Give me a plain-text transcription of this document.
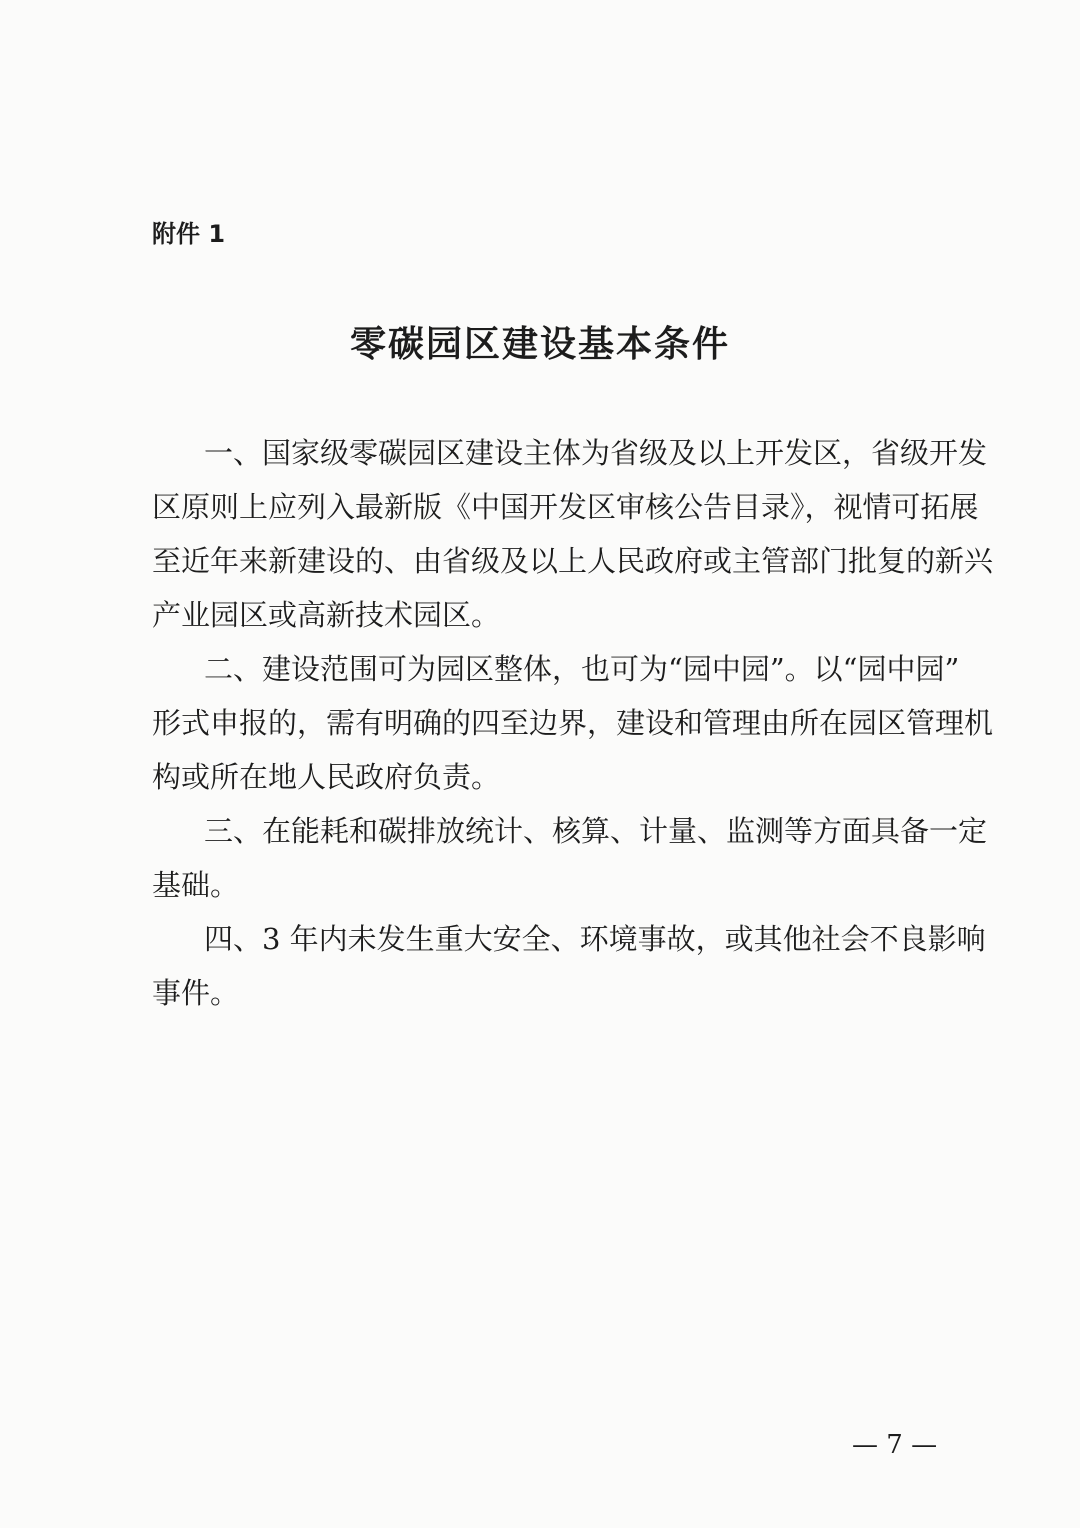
附件 1
零碳园区建设基本条件
一、国家级零碳园区建设主体为省级及以上开发区，省级开发
区原则上应列入最新版《中国开发区审核公告目录》，视情可拓展
至近年来新建设的、由省级及以上人民政府或主管部门批复的新兴
产业园区或高新技术园区。
二、建设范围可为园区整体，也可为“园中园”。以“园中园”
形式申报的，需有明确的四至边界，建设和管理由所在园区管理机
构或所在地人民政府负责。
三、在能耗和碳排放统计、核算、计量、监测等方面具备一定
基础。
四、3 年内未发生重大安全、环境事故，或其他社会不良影响
事件。
— 7 —
